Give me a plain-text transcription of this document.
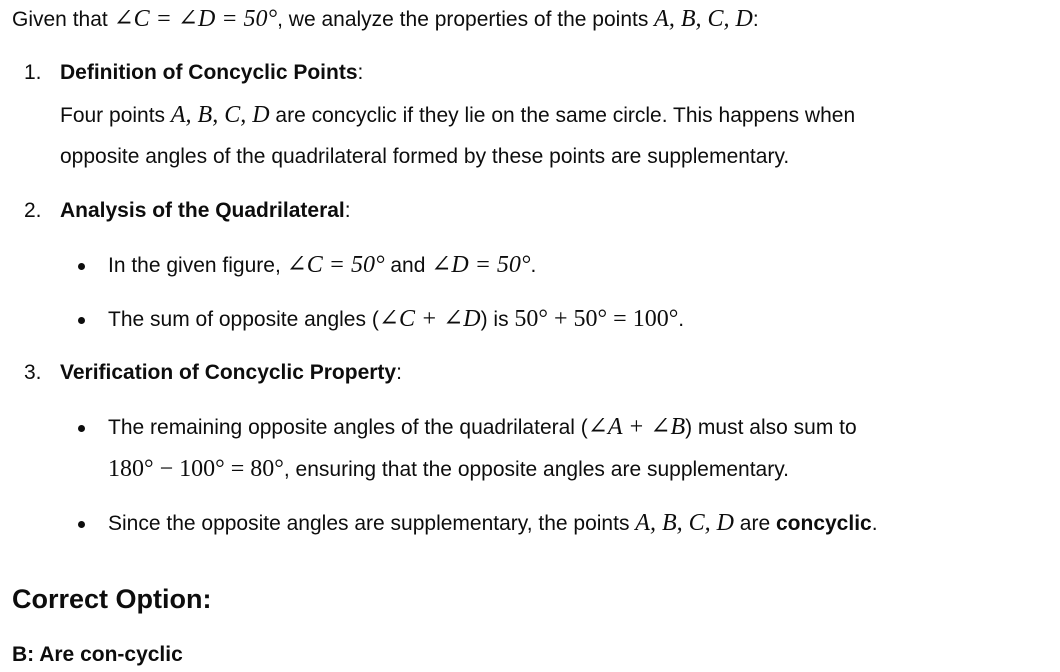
Given that ∠C = ∠D = 50°, we analyze the properties of the points A, B, C, D:
1. Definition of Concyclic Points:
Four points A, B, C, D are concyclic if they lie on the same circle. This happens when
opposite angles of the quadrilateral formed by these points are supplementary.
2. Analysis of the Quadrilateral:
In the given figure, ∠C = 50° and ∠D = 50°.
The sum of opposite angles (∠C + ∠D) is 50° + 50° = 100°.
3. Verification of Concyclic Property:
The remaining opposite angles of the quadrilateral (∠A + ∠B) must also sum to
180° − 100° = 80°, ensuring that the opposite angles are supplementary.
Since the opposite angles are supplementary, the points A, B, C, D are concyclic.
Correct Option:
B: Are con-cyclic
